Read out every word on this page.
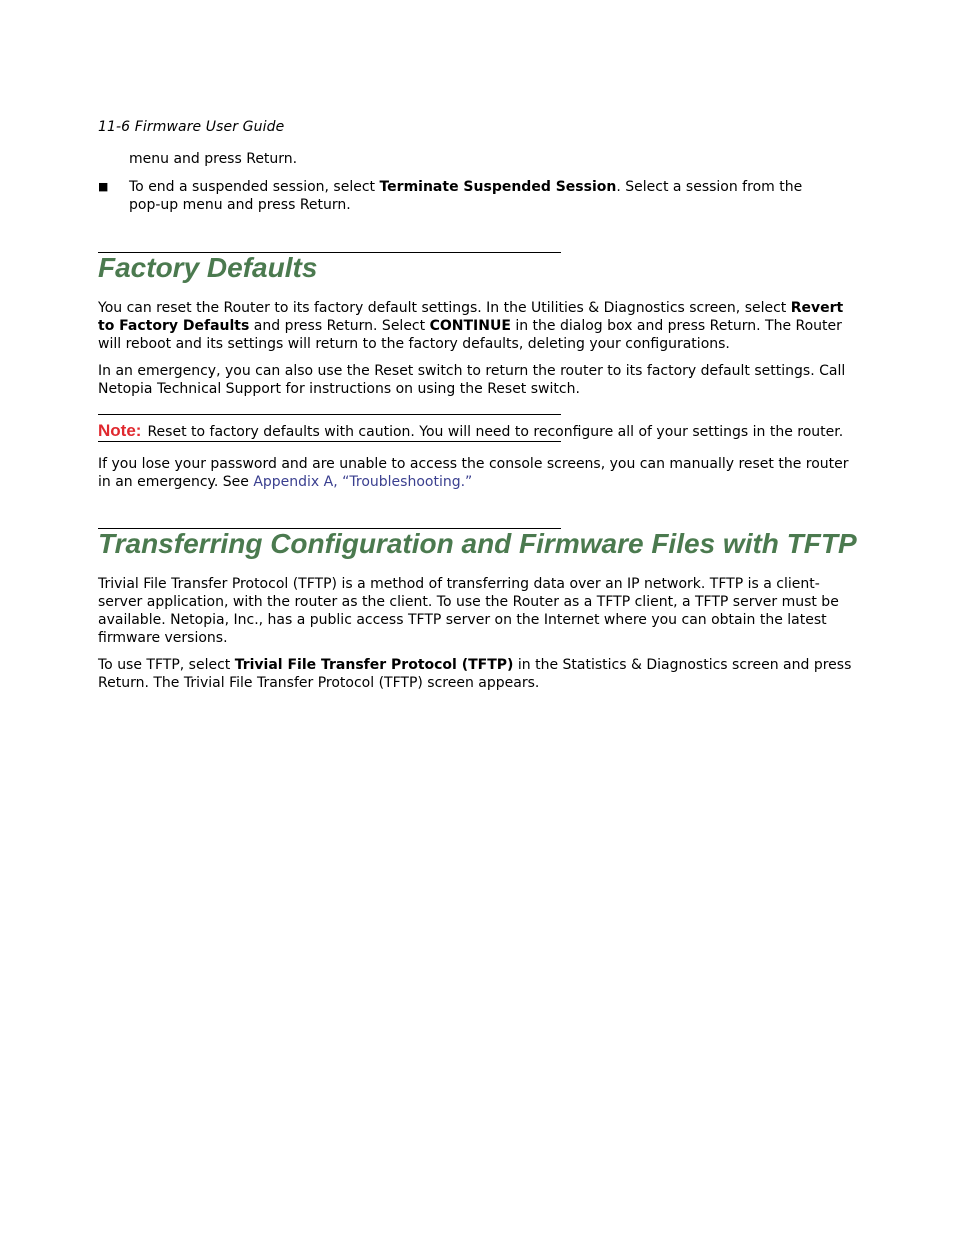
11-6 Firmware User Guide
menu and press Return.
■ To end a suspended session, select Terminate Suspended Session. Select a session from the pop-up menu and press Return.
Factory Defaults

You can reset the Router to its factory default settings. In the Utilities & Diagnostics screen, select Revert to Factory Defaults and press Return. Select CONTINUE in the dialog box and press Return. The Router will reboot and its settings will return to the factory defaults, deleting your configurations.

In an emergency, you can also use the Reset switch to return the router to its factory default settings. Call Netopia Technical Support for instructions on using the Reset switch.

Note: Reset to factory defaults with caution. You will need to reconfigure all of your settings in the router.

If you lose your password and are unable to access the console screens, you can manually reset the router in an emergency. See Appendix A, “Troubleshooting.”

Transferring Configuration and Firmware Files with TFTP

Trivial File Transfer Protocol (TFTP) is a method of transferring data over an IP network. TFTP is a client-server application, with the router as the client. To use the Router as a TFTP client, a TFTP server must be available. Netopia, Inc., has a public access TFTP server on the Internet where you can obtain the latest firmware versions.

To use TFTP, select Trivial File Transfer Protocol (TFTP) in the Statistics & Diagnostics screen and press Return. The Trivial File Transfer Protocol (TFTP) screen appears.
